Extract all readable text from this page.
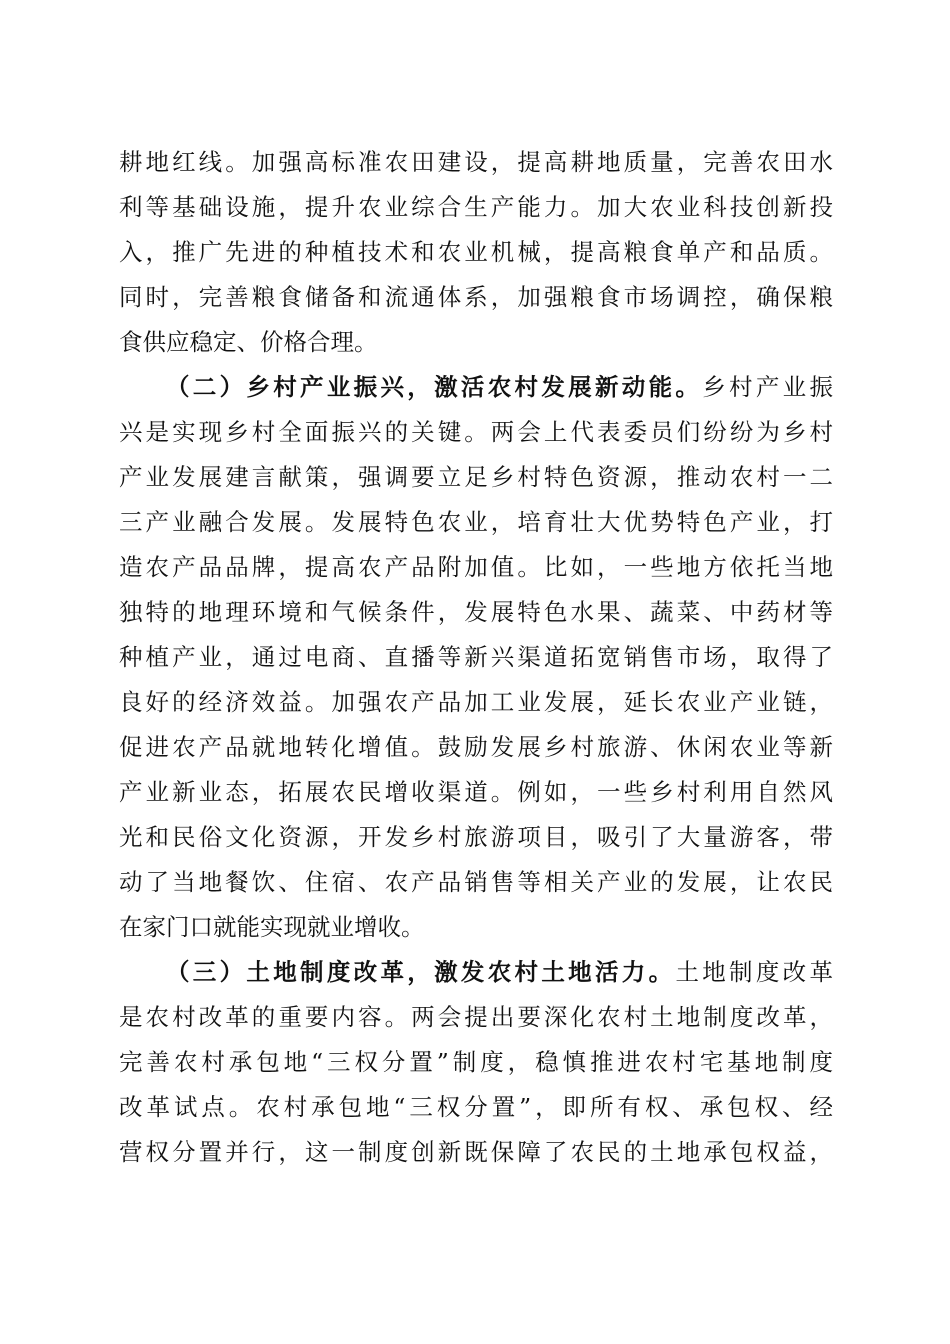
耕地红线。加强高标准农田建设，提高耕地质量，完善农田水
利等基础设施，提升农业综合生产能力。加大农业科技创新投
入，推广先进的种植技术和农业机械，提高粮食单产和品质。
同时，完善粮食储备和流通体系，加强粮食市场调控，确保粮
食供应稳定、价格合理。
（二）乡村产业振兴，激活农村发展新动能。乡村产业振
兴是实现乡村全面振兴的关键。两会上代表委员们纷纷为乡村
产业发展建言献策，强调要立足乡村特色资源，推动农村一二
三产业融合发展。发展特色农业，培育壮大优势特色产业，打
造农产品品牌，提高农产品附加值。比如，一些地方依托当地
独特的地理环境和气候条件，发展特色水果、蔬菜、中药材等
种植产业，通过电商、直播等新兴渠道拓宽销售市场，取得了
良好的经济效益。加强农产品加工业发展，延长农业产业链，
促进农产品就地转化增值。鼓励发展乡村旅游、休闲农业等新
产业新业态，拓展农民增收渠道。例如，一些乡村利用自然风
光和民俗文化资源，开发乡村旅游项目，吸引了大量游客，带
动了当地餐饮、住宿、农产品销售等相关产业的发展，让农民
在家门口就能实现就业增收。
（三）土地制度改革，激发农村土地活力。土地制度改革
是农村改革的重要内容。两会提出要深化农村土地制度改革，
完善农村承包地“三权分置”制度，稳慎推进农村宅基地制度
改革试点。农村承包地“三权分置”，即所有权、承包权、经
营权分置并行，这一制度创新既保障了农民的土地承包权益，
